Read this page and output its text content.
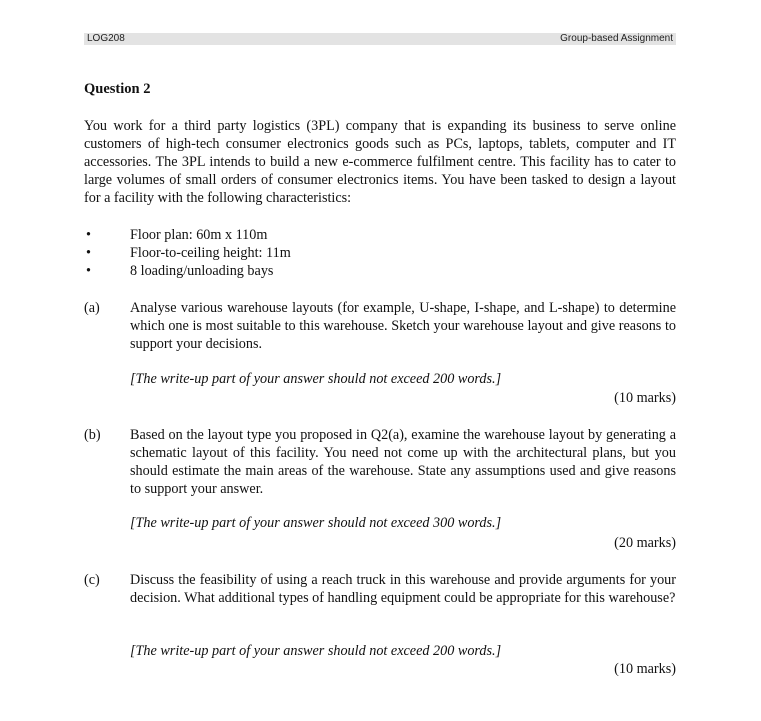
LOG208	Group-based Assignment
Question 2
You work for a third party logistics (3PL) company that is expanding its business to serve online customers of high-tech consumer electronics goods such as PCs, laptops, tablets, computer and IT accessories. The 3PL intends to build a new e-commerce fulfilment centre. This facility has to cater to large volumes of small orders of consumer electronics items. You have been tasked to design a layout for a facility with the following characteristics:
•	Floor plan: 60m x 110m
•	Floor-to-ceiling height: 11m
•	8 loading/unloading bays
(a) Analyse various warehouse layouts (for example, U-shape, I-shape, and L-shape) to determine which one is most suitable to this warehouse. Sketch your warehouse layout and give reasons to support your decisions.
[The write-up part of your answer should not exceed 200 words.]
(10 marks)
(b) Based on the layout type you proposed in Q2(a), examine the warehouse layout by generating a schematic layout of this facility. You need not come up with the architectural plans, but you should estimate the main areas of the warehouse. State any assumptions used and give reasons to support your answer.
[The write-up part of your answer should not exceed 300 words.]
(20 marks)
(c) Discuss the feasibility of using a reach truck in this warehouse and provide arguments for your decision. What additional types of handling equipment could be appropriate for this warehouse?
[The write-up part of your answer should not exceed 200 words.]
(10 marks)
